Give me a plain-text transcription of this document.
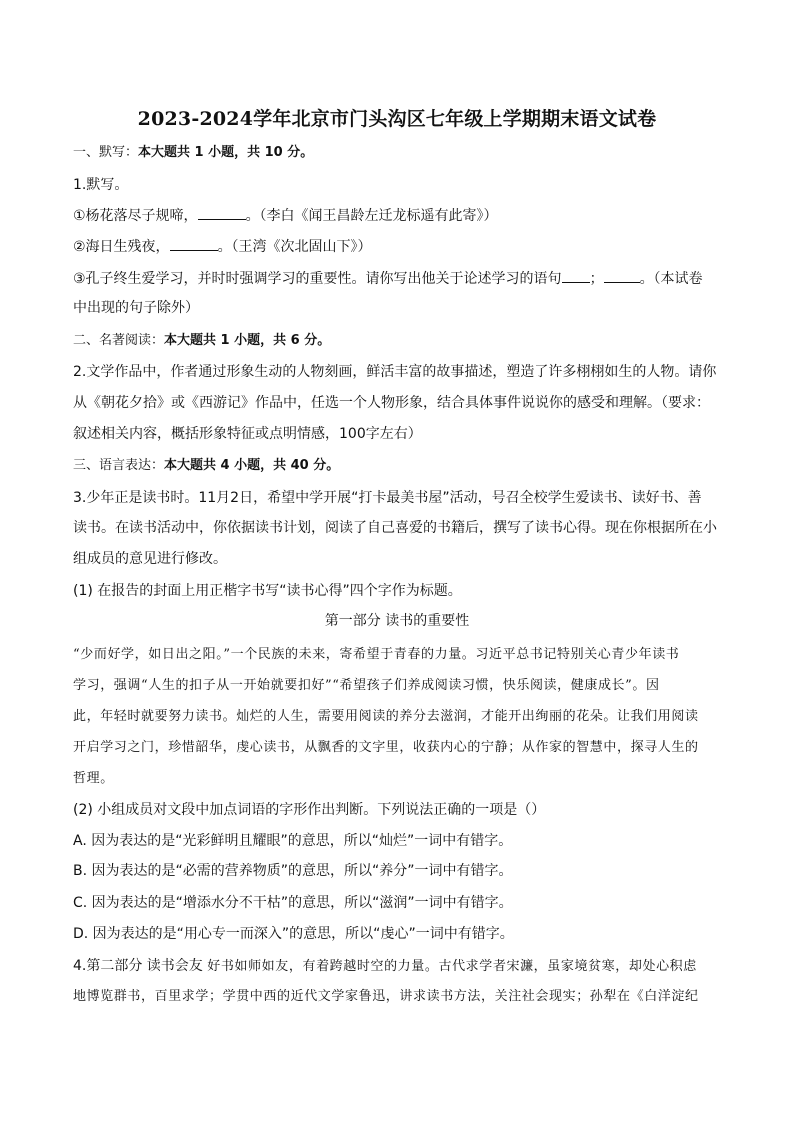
2023-2024学年北京市门头沟区七年级上学期期末语文试卷
一、默写：本大题共 1 小题，共 10 分。
1.默写。
①杨花落尽子规啼，	。（李白《闻王昌龄左迁龙标遥有此寄》）
②海日生残夜，	。（王湾《次北固山下》）
③孔子终生爱学习，并时时强调学习的重要性。请你写出他关于论述学习的语句 ；	。（本试卷
中出现的句子除外）
二、名著阅读：本大题共 1 小题，共 6 分。
2.文学作品中，作者通过形象生动的人物刻画，鲜活丰富的故事描述，塑造了许多栩栩如生的人物。请你
从《朝花夕拾》或《西游记》作品中，任选一个人物形象，结合具体事件说说你的感受和理解。（要求：
叙述相关内容，概括形象特征或点明情感，100字左右）
三、语言表达：本大题共 4 小题，共 40 分。
3.少年正是读书时。11月2日，希望中学开展“打卡最美书屋”活动，号召全校学生爱读书、读好书、善
读书。在读书活动中，你依据读书计划，阅读了自己喜爱的书籍后，撰写了读书心得。现在你根据所在小
组成员的意见进行修改。
(1) 在报告的封面上用正楷字书写“读书心得”四个字作为标题。
第一部分 读书的重要性
“少而好学，如日出之阳。”一个民族的未来，寄希望于青春的力量。习近平总书记特别关心青少年读书
学习，强调“人生的扣子从一开始就要扣好”“希望孩子们养成阅读习惯，快乐阅读，健康成长”。因
此，年轻时就要努力读书。灿烂的人生，需要用阅读的养分去滋润，才能开出绚丽的花朵。让我们用阅读
开启学习之门，珍惜韶华，虔心读书，从飘香的文字里，收获内心的宁静；从作家的智慧中，探寻人生的
哲理。
(2) 小组成员对文段中加点词语的字形作出判断。下列说法正确的一项是（）
A. 因为表达的是“光彩鲜明且耀眼”的意思，所以“灿烂”一词中有错字。
B. 因为表达的是“必需的营养物质”的意思，所以“养分”一词中有错字。
C. 因为表达的是“增添水分不干枯”的意思，所以“滋润”一词中有错字。
D. 因为表达的是“用心专一而深入”的意思，所以“虔心”一词中有错字。
4.第二部分 读书会友 好书如师如友，有着跨越时空的力量。古代求学者宋濂，虽家境贫寒，却处心积虑
地博览群书，百里求学；学贯中西的近代文学家鲁迅，讲求读书方法，关注社会现实；孙犁在《白洋淀纪
